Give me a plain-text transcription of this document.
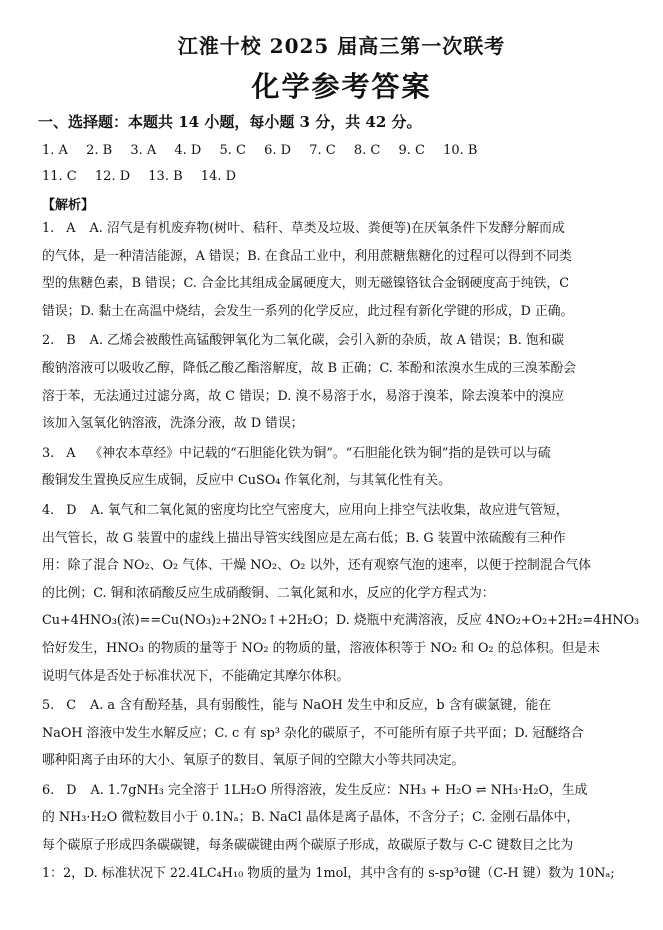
江淮十校 2025 届高三第一次联考
化学参考答案
一、选择题：本题共 14 小题，每小题 3 分，共 42 分。
1. A 2. B 3. A 4. D 5. C 6. D 7. C 8. C 9. C 10. B
11. C 12. D 13. B 14. D
【解析】
1. A A. 沼气是有机废弃物(树叶、秸秆、草类及垃圾、粪便等)在厌氧条件下发酵分解而成
的气体，是一种清洁能源，A 错误；B. 在食品工业中，利用蔗糖焦糖化的过程可以得到不同类
型的焦糖色素，B 错误；C. 合金比其组成金属硬度大，则无磁镍铬钛合金钢硬度高于纯铁，C
错误；D. 黏土在高温中烧结，会发生一系列的化学反应，此过程有新化学键的形成，D 正确。
2. B A. 乙烯会被酸性高锰酸钾氧化为二氧化碳，会引入新的杂质，故 A 错误；B. 饱和碳
酸钠溶液可以吸收乙醇，降低乙酸乙酯溶解度，故 B 正确；C. 苯酚和浓溴水生成的三溴苯酚会
溶于苯，无法通过过滤分离，故 C 错误；D. 溴不易溶于水，易溶于溴苯，除去溴苯中的溴应
该加入氢氧化钠溶液，洗涤分液，故 D 错误；
3. A 《神农本草经》中记载的“石胆能化铁为铜”。“石胆能化铁为铜”指的是铁可以与硫
酸铜发生置换反应生成铜，反应中 CuSO₄ 作氧化剂，与其氧化性有关。
4. D A. 氧气和二氧化氮的密度均比空气密度大，应用向上排空气法收集，故应进气管短，
出气管长，故 G 装置中的虚线上描出导管实线图应是左高右低；B. G 装置中浓硫酸有三种作
用：除了混合 NO₂、O₂ 气体、干燥 NO₂、O₂ 以外，还有观察气泡的速率，以便于控制混合气体
的比例；C. 铜和浓硝酸反应生成硝酸铜、二氧化氮和水，反应的化学方程式为：
Cu+4HNO₃(浓)==Cu(NO₃)₂+2NO₂↑+2H₂O；D. 烧瓶中充满溶液，反应 4NO₂+O₂+2H₂=4HNO₃
恰好发生，HNO₃ 的物质的量等于 NO₂ 的物质的量，溶液体积等于 NO₂ 和 O₂ 的总体积。但是未
说明气体是否处于标准状况下，不能确定其摩尔体积。
5. C A. a 含有酚羟基，具有弱酸性，能与 NaOH 发生中和反应，b 含有碳氯键，能在
NaOH 溶液中发生水解反应；C. c 有 sp³ 杂化的碳原子，不可能所有原子共平面；D. 冠醚络合
哪种阳离子由环的大小、氧原子的数目、氧原子间的空隙大小等共同决定。
6. D A. 1.7gNH₃ 完全溶于 1LH₂O 所得溶液，发生反应：NH₃ + H₂O ⇌ NH₃·H₂O，生成
的 NH₃·H₂O 微粒数目小于 0.1Nₐ；B. NaCl 晶体是离子晶体，不含分子；C. 金刚石晶体中，
每个碳原子形成四条碳碳键，每条碳碳键由两个碳原子形成，故碳原子数与 C-C 键数目之比为
1：2，D. 标准状况下 22.4LC₄H₁₀ 物质的量为 1mol，其中含有的 s-sp³σ键（C-H 键）数为 10Nₐ;
